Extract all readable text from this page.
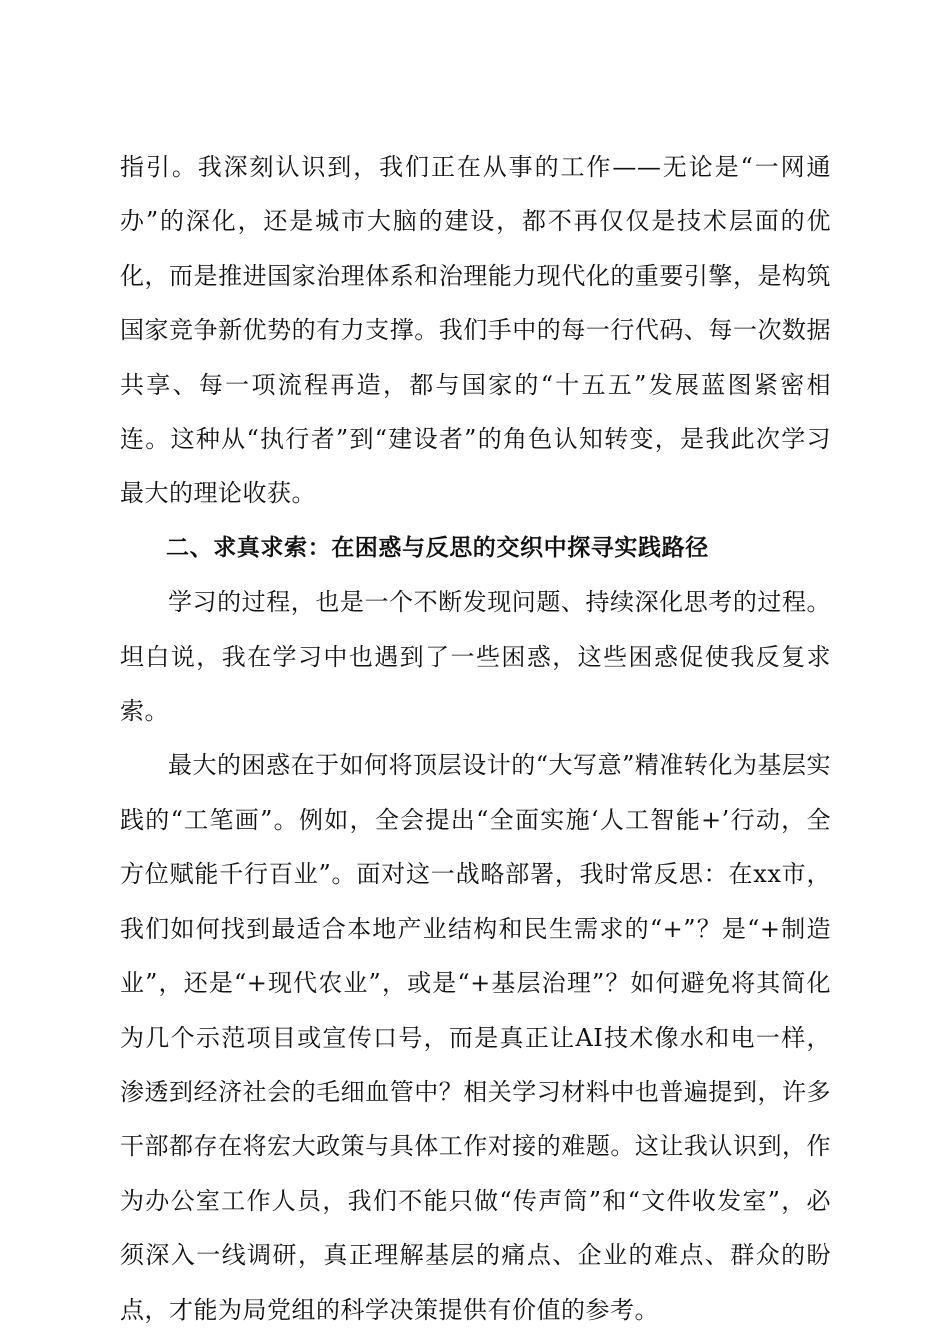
指引。我深刻认识到，我们正在从事的工作——无论是“一网通办”的深化，还是城市大脑的建设，都不再仅仅是技术层面的优化，而是推进国家治理体系和治理能力现代化的重要引擎，是构筑国家竞争新优势的有力支撑。我们手中的每一行代码、每一次数据共享、每一项流程再造，都与国家的“十五五”发展蓝图紧密相连。这种从“执行者”到“建设者”的角色认知转变，是我此次学习最大的理论收获。

二、求真求索：在困惑与反思的交织中探寻实践路径

学习的过程，也是一个不断发现问题、持续深化思考的过程。坦白说，我在学习中也遇到了一些困惑，这些困惑促使我反复求索。

最大的困惑在于如何将顶层设计的“大写意”精准转化为基层实践的“工笔画”。例如，全会提出“全面实施‘人工智能+’行动，全方位赋能千行百业”。面对这一战略部署，我时常反思：在xx市，我们如何找到最适合本地产业结构和民生需求的“+”？是“+制造业”，还是“+现代农业”，或是“+基层治理”？如何避免将其简化为几个示范项目或宣传口号，而是真正让AI技术像水和电一样，渗透到经济社会的毛细血管中？相关学习材料中也普遍提到，许多干部都存在将宏大政策与具体工作对接的难题。这让我认识到，作为办公室工作人员，我们不能只做“传声筒”和“文件收发室”，必须深入一线调研，真正理解基层的痛点、企业的难点、群众的盼点，才能为局党组的科学决策提供有价值的参考。
